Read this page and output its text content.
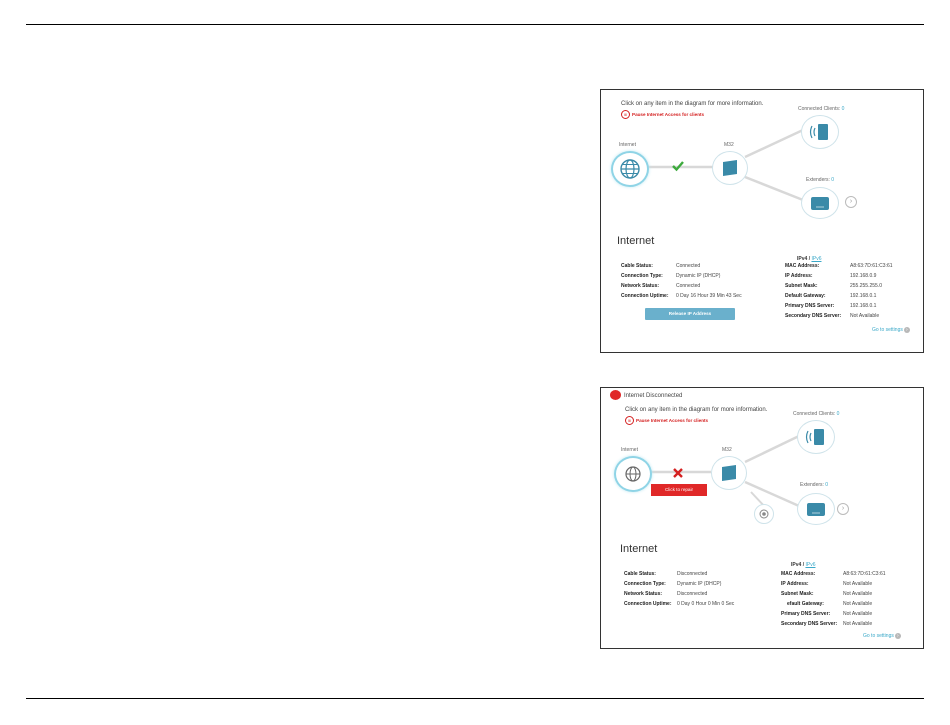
Click on any item in the diagram for more information.
II	Pause Internet Access for clients
Internet	M32
Connected Clients: 0
Extenders: 0
›
Internet
IPv4 / IPv6
Cable Status:	Connected
Connection Type:	Dynamic IP (DHCP)
Network Status:	Connected
Connection Uptime: 0 Day 16 Hour 39 Min 43 Sec
Release IP Address
MAC Address:	A8:63:7D:61:C3:61
IP Address:	192.168.0.9
Subnet Mask:	255.255.255.0
Default Gateway:	192.168.0.1
Primary DNS Server:	192.168.0.1
Secondary DNS Server: Not Available
Go to settings ›
Internet Disconnected
Click on any item in the diagram for more information.
II	Pause Internet Access for clients
Internet
Click to repair
M32
Connected Clients: 0
Extenders: 0
›
Internet
IPv4 / IPv6
Cable Status:	Disconnected
Connection Type: Dynamic IP (DHCP)
Network Status:	Disconnected
Connection Uptime: 0 Day 0 Hour 0 Min 0 Sec
MAC Address:	A8:63:7D:61:C3:61
IP Address:	Not Available
Subnet Mask:	Not Available
efault Gateway:	Not Available
Primary DNS Server:	Not Available
Secondary DNS Server: Not Available
Go to settings ›
